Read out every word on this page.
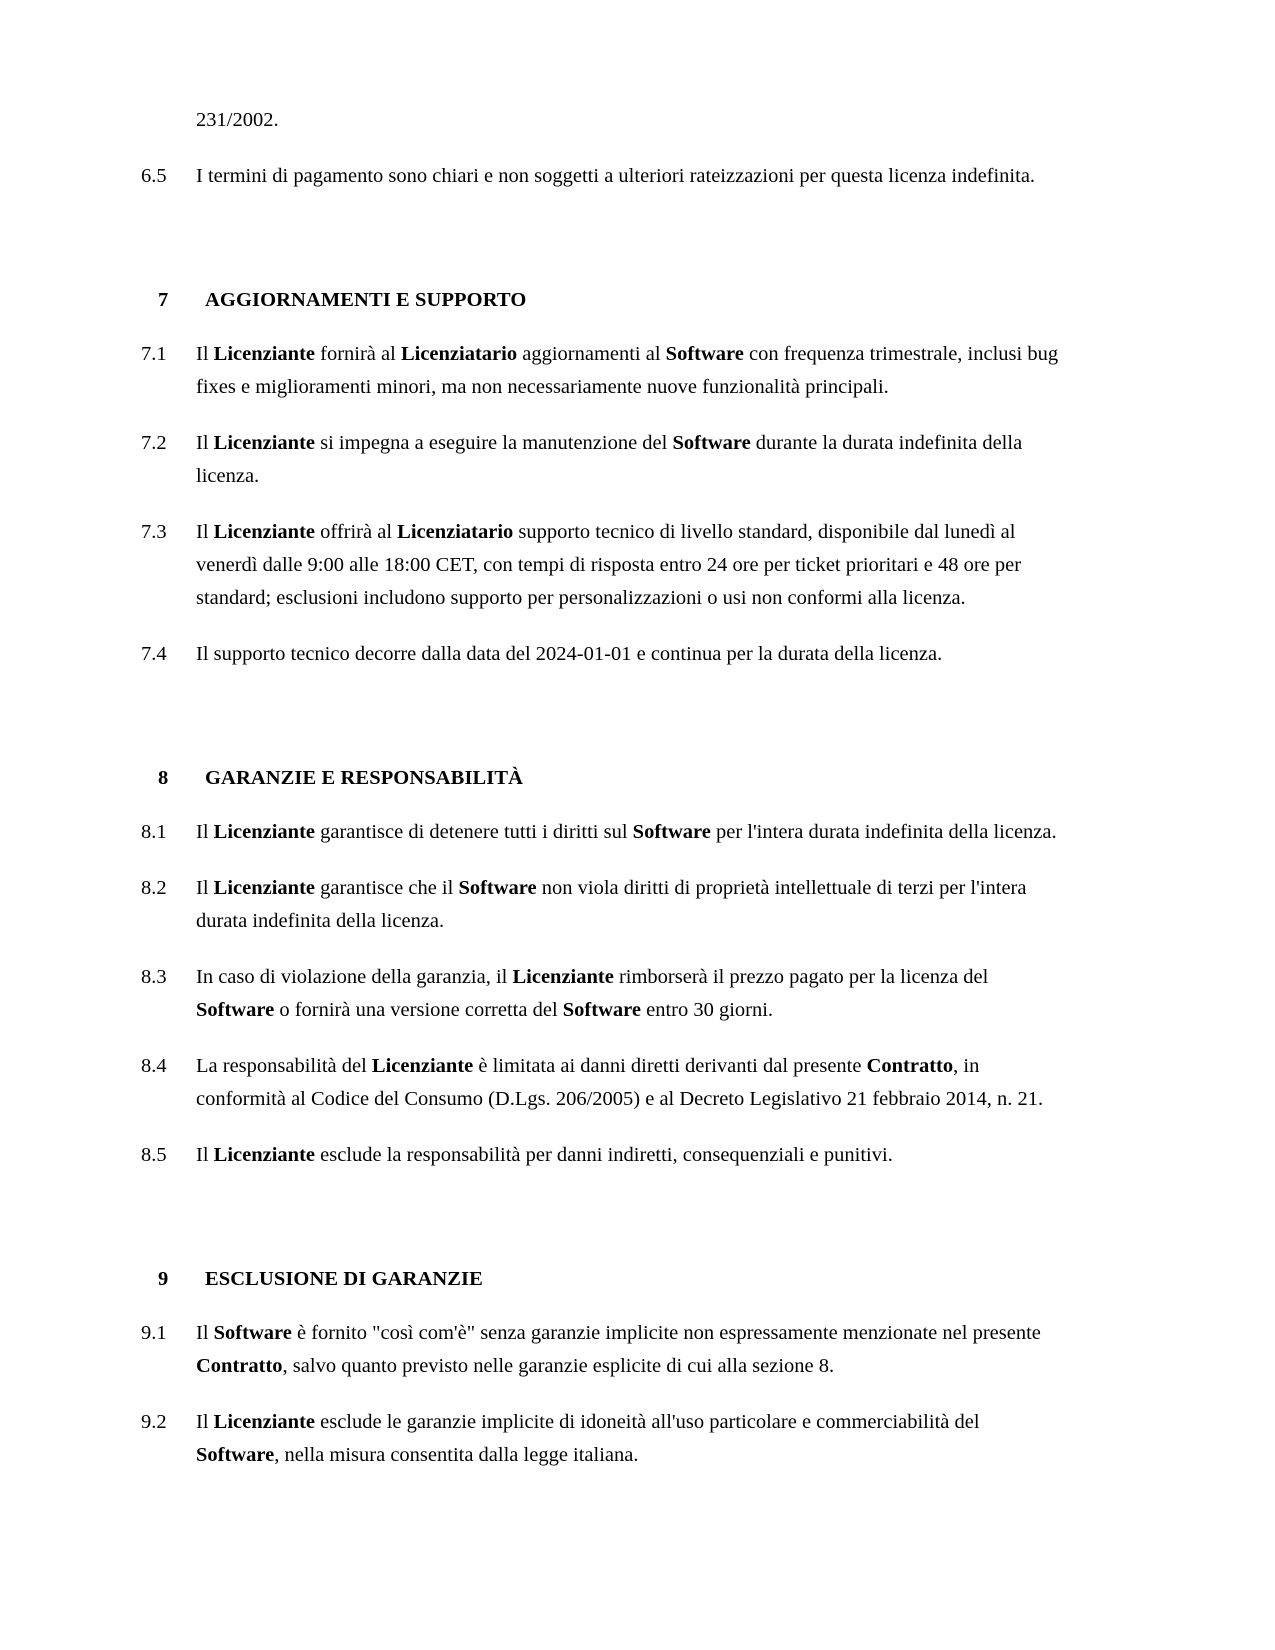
231/2002.

6.5	I termini di pagamento sono chiari e non soggetti a ulteriori rateizzazioni per questa licenza indefinita.
7	AGGIORNAMENTI E SUPPORTO
7.1	Il Licenziante fornirà al Licenziatario aggiornamenti al Software con frequenza trimestrale, inclusi bug fixes e miglioramenti minori, ma non necessariamente nuove funzionalità principali.
7.2	Il Licenziante si impegna a eseguire la manutenzione del Software durante la durata indefinita della licenza.
7.3	Il Licenziante offrirà al Licenziatario supporto tecnico di livello standard, disponibile dal lunedì al venerdì dalle 9:00 alle 18:00 CET, con tempi di risposta entro 24 ore per ticket prioritari e 48 ore per standard; esclusioni includono supporto per personalizzazioni o usi non conformi alla licenza.
7.4	Il supporto tecnico decorre dalla data del 2024-01-01 e continua per la durata della licenza.
8	GARANZIE E RESPONSABILITÀ
8.1	Il Licenziante garantisce di detenere tutti i diritti sul Software per l'intera durata indefinita della licenza.
8.2	Il Licenziante garantisce che il Software non viola diritti di proprietà intellettuale di terzi per l'intera durata indefinita della licenza.
8.3	In caso di violazione della garanzia, il Licenziante rimborserà il prezzo pagato per la licenza del Software o fornirà una versione corretta del Software entro 30 giorni.
8.4	La responsabilità del Licenziante è limitata ai danni diretti derivanti dal presente Contratto, in conformità al Codice del Consumo (D.Lgs. 206/2005) e al Decreto Legislativo 21 febbraio 2014, n. 21.
8.5	Il Licenziante esclude la responsabilità per danni indiretti, consequenziali e punitivi.
9	ESCLUSIONE DI GARANZIE
9.1	Il Software è fornito "così com'è" senza garanzie implicite non espressamente menzionate nel presente Contratto, salvo quanto previsto nelle garanzie esplicite di cui alla sezione 8.
9.2	Il Licenziante esclude le garanzie implicite di idoneità all'uso particolare e commerciabilità del Software, nella misura consentita dalla legge italiana.
